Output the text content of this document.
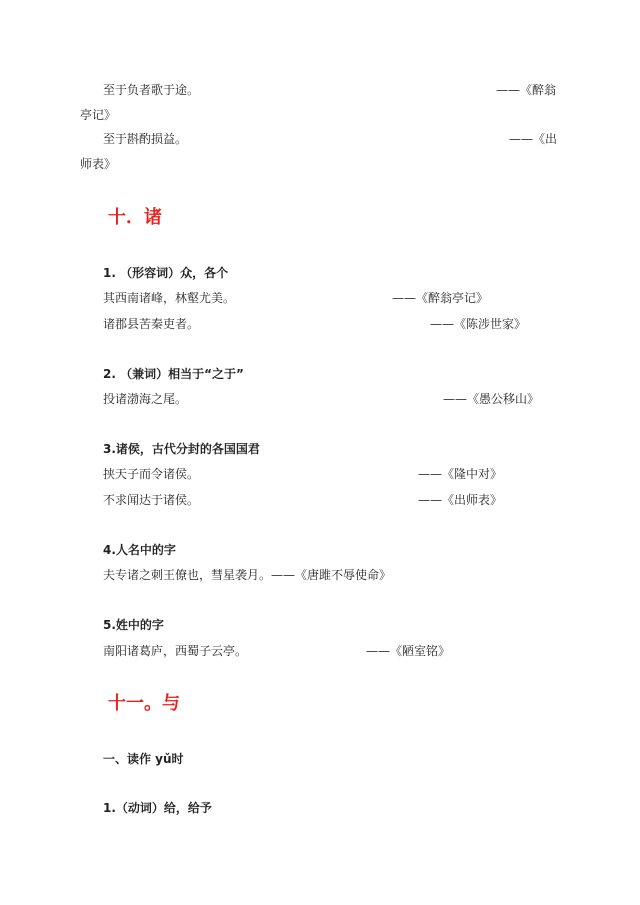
至于负者歌于途。	——《醉翁
亭记》
至于斟酌损益。	——《出
师表》
十．诸
1. （形容词）众，各个
其西南诸峰，林壑尤美。	——《醉翁亭记》
诸郡县苦秦吏者。	——《陈涉世家》
2. （兼词）相当于“之于”
投诸渤海之尾。	——《愚公移山》
3.诸侯，古代分封的各国国君
挟天子而令诸侯。	——《隆中对》
不求闻达于诸侯。	——《出师表》
4.人名中的字
夫专诸之刺王僚也，彗星袭月。——《唐雎不辱使命》
5.姓中的字
南阳诸葛庐，西蜀子云亭。	——《陋室铭》
十一。与
一、读作 yǔ时
1.（动词）给，给予
